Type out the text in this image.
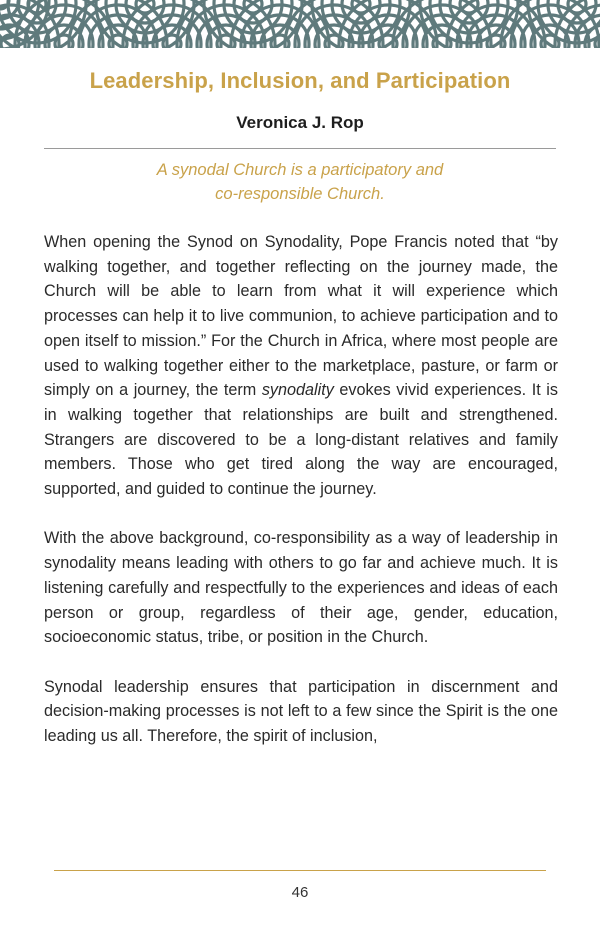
Leadership, Inclusion, and Participation
Veronica J. Rop
A synodal Church is a participatory and
co-responsible Church.

When opening the Synod on Synodality, Pope Francis noted that “by walking together, and together reflecting on the journey made, the Church will be able to learn from what it will experience which processes can help it to live communion, to achieve participation and to open itself to mission.” For the Church in Africa, where most people are used to walking together either to the marketplace, pasture, or farm or simply on a journey, the term synodality evokes vivid experiences. It is in walking together that relationships are built and strengthened. Strangers are discovered to be a long-distant relatives and family members. Those who get tired along the way are encouraged, supported, and guided to continue the journey.

With the above background, co-responsibility as a way of leadership in synodality means leading with others to go far and achieve much. It is listening carefully and respectfully to the experiences and ideas of each person or group, regardless of their age, gender, education, socioeconomic status, tribe, or position in the Church.

Synodal leadership ensures that participation in discernment and decision-making processes is not left to a few since the Spirit is the one leading us all. Therefore, the spirit of inclusion,

46
